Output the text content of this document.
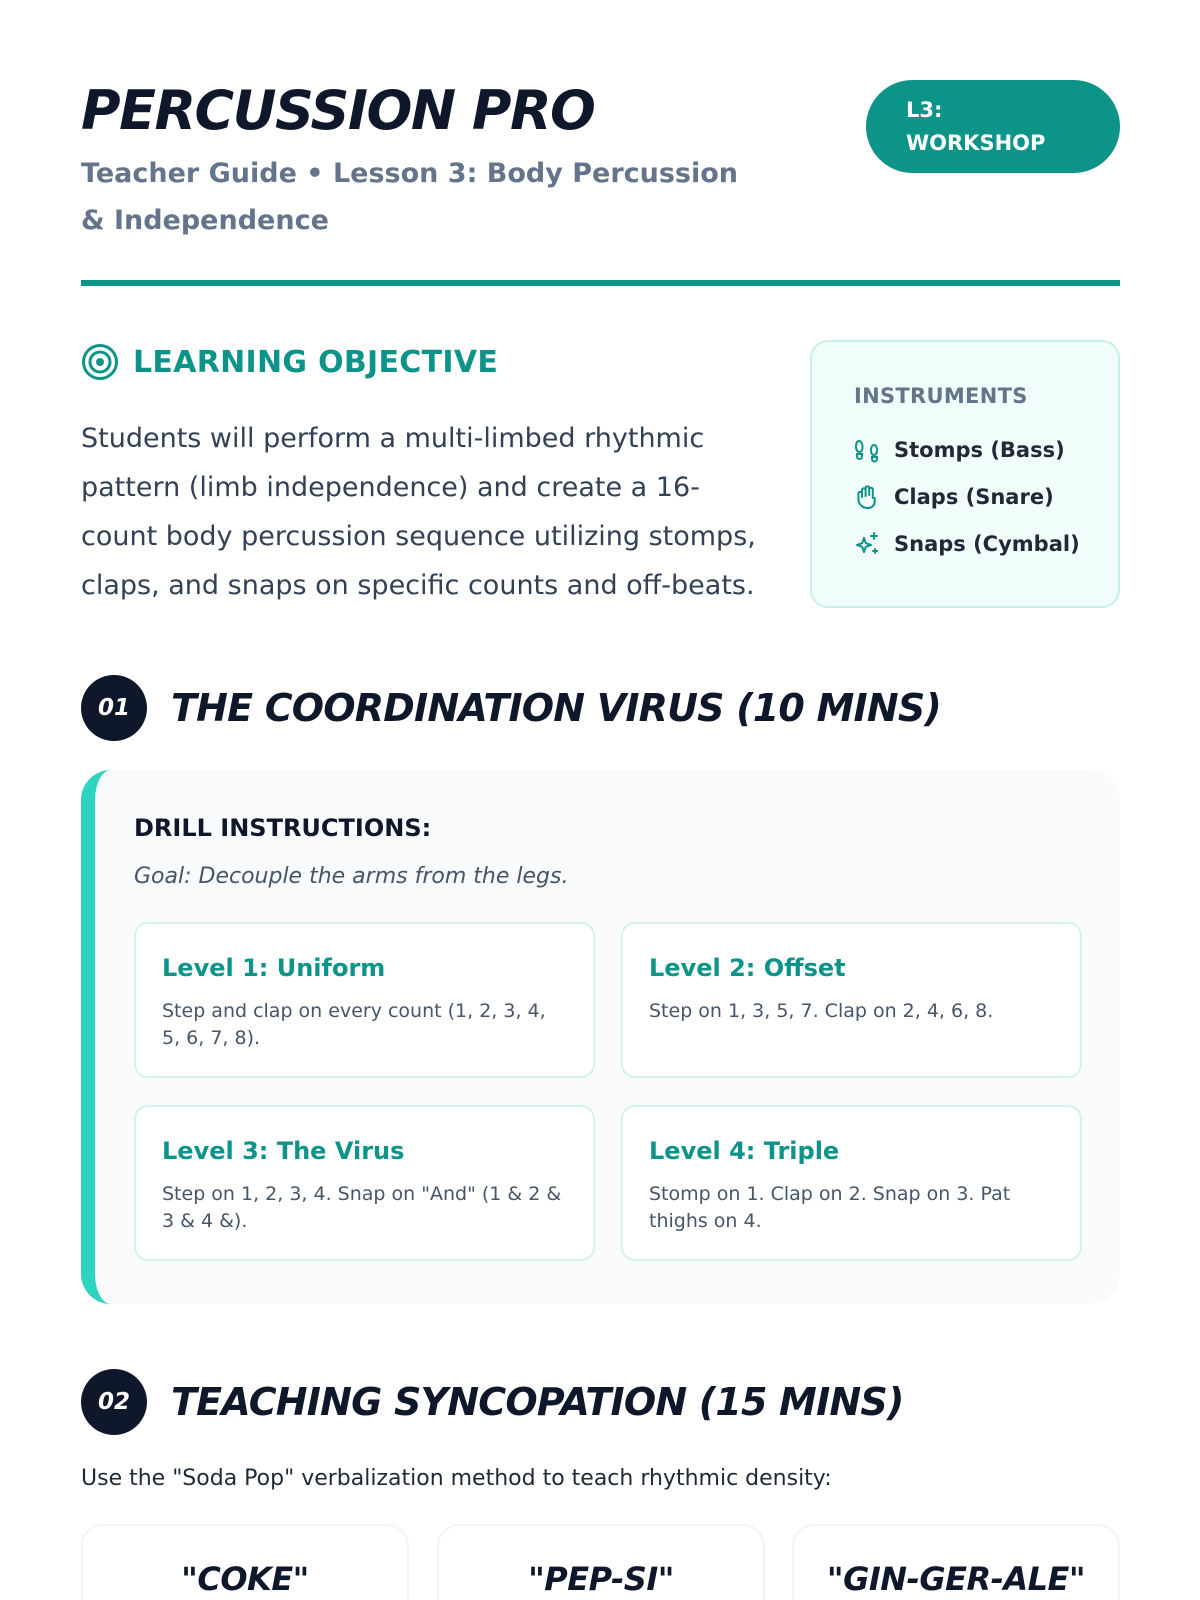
PERCUSSION PRO
Teacher Guide • Lesson 3: Body Percussion & Independence
L3:
WORKSHOP
LEARNING OBJECTIVE
Students will perform a multi-limbed rhythmic pattern (limb independence) and create a 16-count body percussion sequence utilizing stomps, claps, and snaps on specific counts and off-beats.
INSTRUMENTS
Stomps (Bass)
Claps (Snare)
Snaps (Cymbal)
01	THE COORDINATION VIRUS (10 MINS)
DRILL INSTRUCTIONS:
Goal: Decouple the arms from the legs.
Level 1: Uniform
Step and clap on every count (1, 2, 3, 4, 5, 6, 7, 8).
Level 2: Offset
Step on 1, 3, 5, 7. Clap on 2, 4, 6, 8.
Level 3: The Virus
Step on 1, 2, 3, 4. Snap on "And" (1 & 2 & 3 & 4 &).
Level 4: Triple
Stomp on 1. Clap on 2. Snap on 3. Pat thighs on 4.
02	TEACHING SYNCOPATION (15 MINS)
Use the "Soda Pop" verbalization method to teach rhythmic density:
"COKE"	"PEP-SI"	"GIN-GER-ALE"
